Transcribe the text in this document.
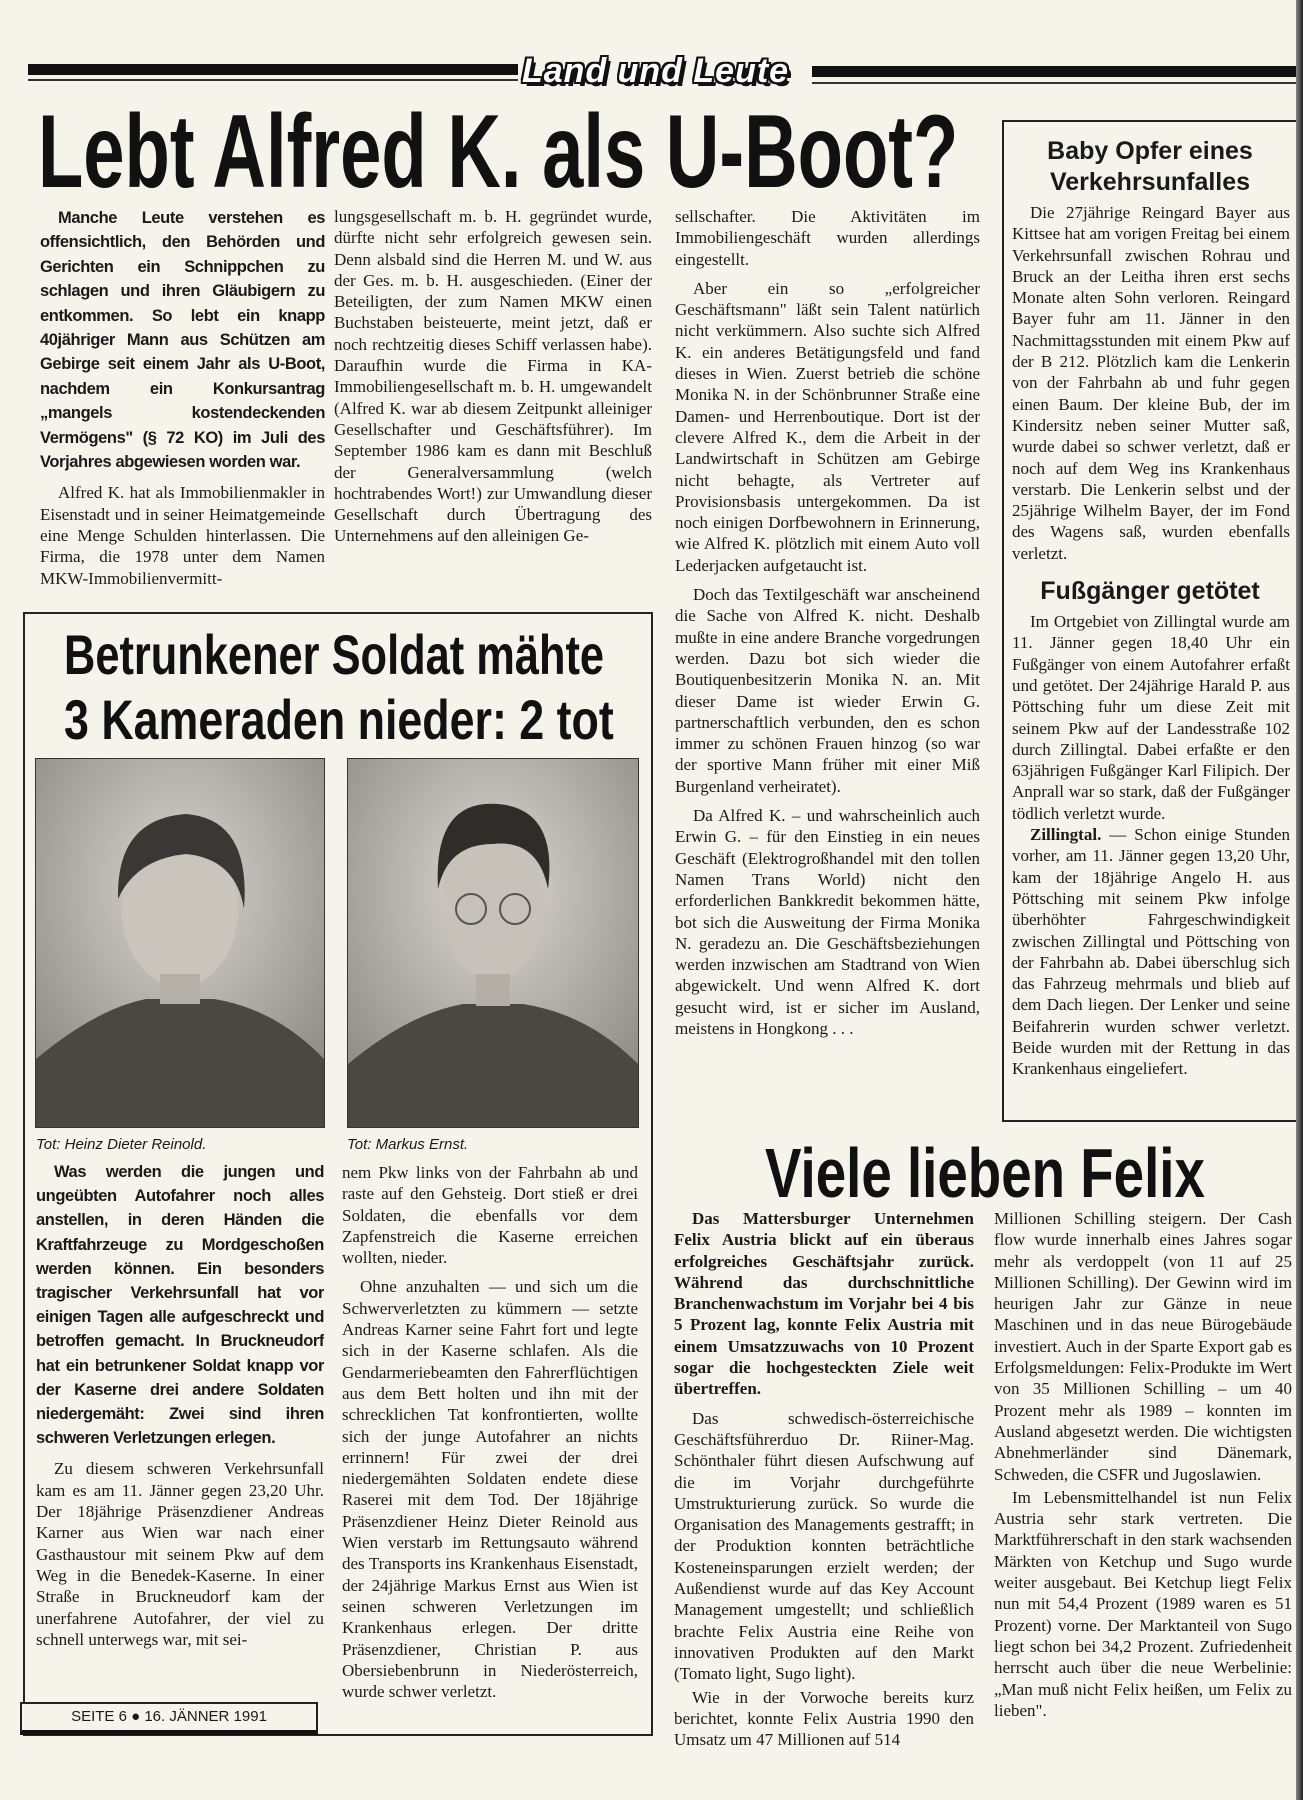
Land und Leute
Lebt Alfred K. als U-Boot?

Manche Leute verstehen es offensichtlich, den Behörden und Gerichten ein Schnippchen zu schlagen und ihren Gläubigern zu entkommen. So lebt ein knapp 40jähriger Mann aus Schützen am Gebirge seit einem Jahr als U-Boot, nachdem ein Konkursantrag „mangels kostendeckenden Vermögens" (§ 72 KO) im Juli des Vorjahres abgewiesen worden war.

Alfred K. hat als Immobilienmakler in Eisenstadt und in seiner Heimatgemeinde eine Menge Schulden hinterlassen. Die Firma, die 1978 unter dem Namen MKW-Immobilienvermitt-

lungsgesellschaft m. b. H. gegründet wurde, dürfte nicht sehr erfolgreich gewesen sein. Denn alsbald sind die Herren M. und W. aus der Ges. m. b. H. ausgeschieden. (Einer der Beteiligten, der zum Namen MKW einen Buchstaben beisteuerte, meint jetzt, daß er noch rechtzeitig dieses Schiff verlassen habe). Daraufhin wurde die Firma in KA-Immobiliengesellschaft m. b. H. umgewandelt (Alfred K. war ab diesem Zeitpunkt alleiniger Gesellschafter und Geschäftsführer). Im September 1986 kam es dann mit Beschluß der Generalversammlung (welch hochtrabendes Wort!) zur Umwandlung dieser Gesellschaft durch Übertragung des Unternehmens auf den alleinigen Ge-

sellschafter. Die Aktivitäten im Immobiliengeschäft wurden allerdings eingestellt.

Aber ein so „erfolgreicher Geschäftsmann" läßt sein Talent natürlich nicht verkümmern. Also suchte sich Alfred K. ein anderes Betätigungsfeld und fand dieses in Wien. Zuerst betrieb die schöne Monika N. in der Schönbrunner Straße eine Damen- und Herrenboutique. Dort ist der clevere Alfred K., dem die Arbeit in der Landwirtschaft in Schützen am Gebirge nicht behagte, als Vertreter auf Provisionsbasis untergekommen. Da ist noch einigen Dorfbewohnern in Erinnerung, wie Alfred K. plötzlich mit einem Auto voll Lederjacken aufgetaucht ist.

Doch das Textilgeschäft war anscheinend die Sache von Alfred K. nicht. Deshalb mußte in eine andere Branche vorgedrungen werden. Dazu bot sich wieder die Boutiquenbesitzerin Monika N. an. Mit dieser Dame ist wieder Erwin G. partnerschaftlich verbunden, den es schon immer zu schönen Frauen hinzog (so war der sportive Mann früher mit einer Miß Burgenland verheiratet).

Da Alfred K. – und wahrscheinlich auch Erwin G. – für den Einstieg in ein neues Geschäft (Elektrogroßhandel mit den tollen Namen Trans World) nicht den erforderlichen Bankkredit bekommen hätte, bot sich die Ausweitung der Firma Monika N. geradezu an. Die Geschäftsbeziehungen werden inzwischen am Stadtrand von Wien abgewickelt. Und wenn Alfred K. dort gesucht wird, ist er sicher im Ausland, meistens in Hongkong . . .

Baby Opfer eines Verkehrsunfalles

Die 27jährige Reingard Bayer aus Kittsee hat am vorigen Freitag bei einem Verkehrsunfall zwischen Rohrau und Bruck an der Leitha ihren erst sechs Monate alten Sohn verloren. Reingard Bayer fuhr am 11. Jänner in den Nachmittagsstunden mit einem Pkw auf der B 212. Plötzlich kam die Lenkerin von der Fahrbahn ab und fuhr gegen einen Baum. Der kleine Bub, der im Kindersitz neben seiner Mutter saß, wurde dabei so schwer verletzt, daß er noch auf dem Weg ins Krankenhaus verstarb. Die Lenkerin selbst und der 25jährige Wilhelm Bayer, der im Fond des Wagens saß, wurden ebenfalls verletzt.

Fußgänger getötet

Im Ortgebiet von Zillingtal wurde am 11. Jänner gegen 18,40 Uhr ein Fußgänger von einem Autofahrer erfaßt und getötet. Der 24jährige Harald P. aus Pöttsching fuhr um diese Zeit mit seinem Pkw auf der Landesstraße 102 durch Zillingtal. Dabei erfaßte er den 63jährigen Fußgänger Karl Filipich. Der Anprall war so stark, daß der Fußgänger tödlich verletzt wurde.

Zillingtal. — Schon einige Stunden vorher, am 11. Jänner gegen 13,20 Uhr, kam der 18jährige Angelo H. aus Pöttsching mit seinem Pkw infolge überhöhter Fahrgeschwindigkeit zwischen Zillingtal und Pöttsching von der Fahrbahn ab. Dabei überschlug sich das Fahrzeug mehrmals und blieb auf dem Dach liegen. Der Lenker und seine Beifahrerin wurden schwer verletzt. Beide wurden mit der Rettung in das Krankenhaus eingeliefert.

Betrunkener Soldat mähte
3 Kameraden nieder: 2 tot
Tot: Heinz Dieter Reinold.	Tot: Markus Ernst.

Was werden die jungen und ungeübten Autofahrer noch alles anstellen, in deren Händen die Kraftfahrzeuge zu Mordgeschoßen werden können. Ein besonders tragischer Verkehrsunfall hat vor einigen Tagen alle aufgeschreckt und betroffen gemacht. In Bruckneudorf hat ein betrunkener Soldat knapp vor der Kaserne drei andere Soldaten niedergemäht: Zwei sind ihren schweren Verletzungen erlegen.

Zu diesem schweren Verkehrsunfall kam es am 11. Jänner gegen 23,20 Uhr. Der 18jährige Präsenzdiener Andreas Karner aus Wien war nach einer Gasthaustour mit seinem Pkw auf dem Weg in die Benedek-Kaserne. In einer Straße in Bruckneudorf kam der unerfahrene Autofahrer, der viel zu schnell unterwegs war, mit sei-

nem Pkw links von der Fahrbahn ab und raste auf den Gehsteig. Dort stieß er drei Soldaten, die ebenfalls vor dem Zapfenstreich die Kaserne erreichen wollten, nieder.

Ohne anzuhalten — und sich um die Schwerverletzten zu kümmern — setzte Andreas Karner seine Fahrt fort und legte sich in der Kaserne schlafen. Als die Gendarmeriebeamten den Fahrerflüchtigen aus dem Bett holten und ihn mit der schrecklichen Tat konfrontierten, wollte sich der junge Autofahrer an nichts errinnern! Für zwei der drei niedergemähten Soldaten endete diese Raserei mit dem Tod. Der 18jährige Präsenzdiener Heinz Dieter Reinold aus Wien verstarb im Rettungsauto während des Transports ins Krankenhaus Eisenstadt, der 24jährige Markus Ernst aus Wien ist seinen schweren Verletzungen im Krankenhaus erlegen. Der dritte Präsenzdiener, Christian P. aus Obersiebenbrunn in Niederösterreich, wurde schwer verletzt.

SEITE 6 ● 16. JÄNNER 1991
Viele lieben Felix

Das Mattersburger Unternehmen Felix Austria blickt auf ein überaus erfolgreiches Geschäftsjahr zurück. Während das durchschnittliche Branchenwachstum im Vorjahr bei 4 bis 5 Prozent lag, konnte Felix Austria mit einem Umsatzzuwachs von 10 Prozent sogar die hochgesteckten Ziele weit übertreffen.

Das schwedisch-österreichische Geschäftsführerduo Dr. Riiner-Mag. Schönthaler führt diesen Aufschwung auf die im Vorjahr durchgeführte Umstrukturierung zurück. So wurde die Organisation des Managements gestrafft; in der Produktion konnten beträchtliche Kosteneinsparungen erzielt werden; der Außendienst wurde auf das Key Account Management umgestellt; und schließlich brachte Felix Austria eine Reihe von innovativen Produkten auf den Markt (Tomato light, Sugo light).

Wie in der Vorwoche bereits kurz berichtet, konnte Felix Austria 1990 den Umsatz um 47 Millionen auf 514

Millionen Schilling steigern. Der Cash flow wurde innerhalb eines Jahres sogar mehr als verdoppelt (von 11 auf 25 Millionen Schilling). Der Gewinn wird im heurigen Jahr zur Gänze in neue Maschinen und in das neue Bürogebäude investiert. Auch in der Sparte Export gab es Erfolgsmeldungen: Felix-Produkte im Wert von 35 Millionen Schilling – um 40 Prozent mehr als 1989 – konnten im Ausland abgesetzt werden. Die wichtigsten Abnehmerländer sind Dänemark, Schweden, die CSFR und Jugoslawien.

Im Lebensmittelhandel ist nun Felix Austria sehr stark vertreten. Die Marktführerschaft in den stark wachsenden Märkten von Ketchup und Sugo wurde weiter ausgebaut. Bei Ketchup liegt Felix nun mit 54,4 Prozent (1989 waren es 51 Prozent) vorne. Der Marktanteil von Sugo liegt schon bei 34,2 Prozent. Zufriedenheit herrscht auch über die neue Werbelinie: „Man muß nicht Felix heißen, um Felix zu lieben".
